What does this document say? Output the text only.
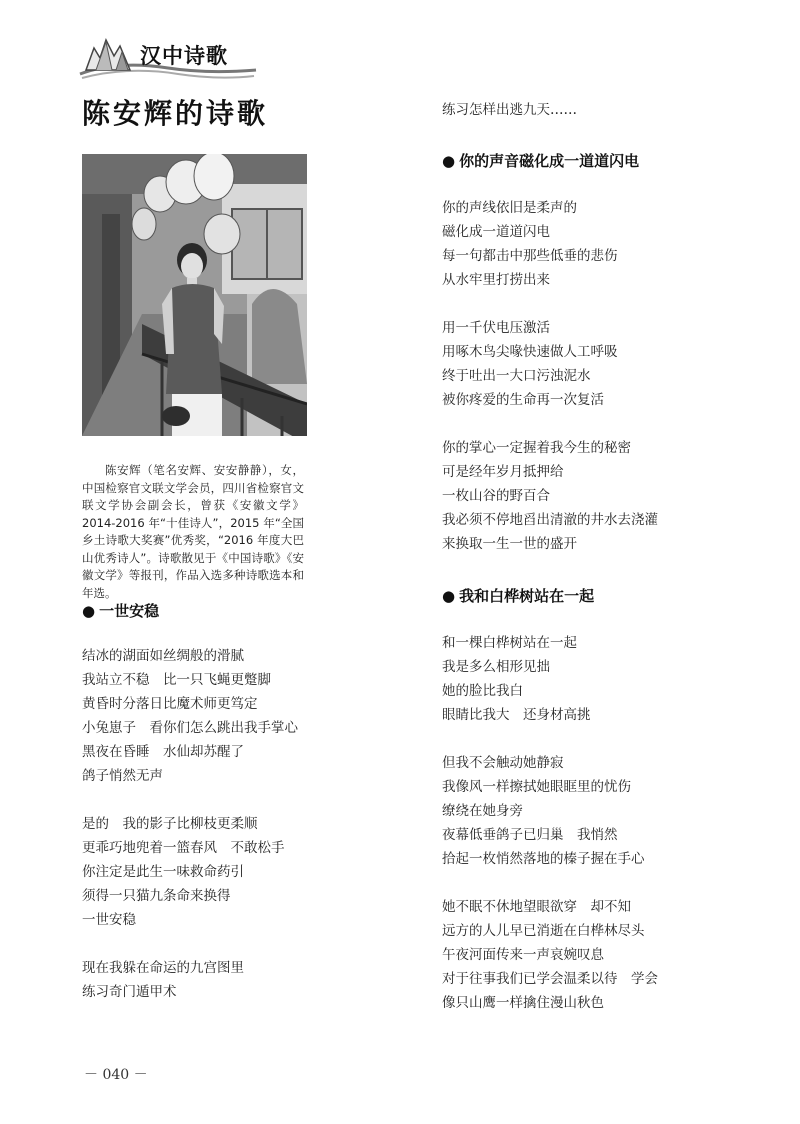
汉中诗歌
陈安辉的诗歌
陈安辉（笔名安辉、安安静静），女，中国检察官文联文学会员，四川省检察官文联文学协会副会长，曾获《安徽文学》2014-2016 年“十佳诗人”，2015 年“全国乡土诗歌大奖赛”优秀奖，“2016 年度大巴山优秀诗人”。诗歌散见于《中国诗歌》《安徽文学》等报刊，作品入选多种诗歌选本和年选。
● 一世安稳
结冰的湖面如丝绸般的滑腻
我站立不稳　比一只飞蝇更蹩脚
黄昏时分落日比魔术师更笃定
小兔崽子　看你们怎么跳出我手掌心
黑夜在昏睡　水仙却苏醒了
鸽子悄然无声
是的　我的影子比柳枝更柔顺
更乖巧地兜着一篮春风　不敢松手
你注定是此生一味救命药引
须得一只猫九条命来换得
一世安稳
现在我躲在命运的九宫图里
练习奇门遁甲术
练习怎样出逃九天……
● 你的声音磁化成一道道闪电
你的声线依旧是柔声的
磁化成一道道闪电
每一句都击中那些低垂的悲伤
从水牢里打捞出来
用一千伏电压激活
用啄木鸟尖喙快速做人工呼吸
终于吐出一大口污浊泥水
被你疼爱的生命再一次复活
你的掌心一定握着我今生的秘密
可是经年岁月抵押给
一枚山谷的野百合
我必须不停地舀出清澈的井水去浇灌
来换取一生一世的盛开
● 我和白桦树站在一起
和一棵白桦树站在一起
我是多么相形见拙
她的脸比我白
眼睛比我大　还身材高挑
但我不会触动她静寂
我像风一样擦拭她眼眶里的忧伤
缭绕在她身旁
夜幕低垂鸽子已归巢　我悄然
拾起一枚悄然落地的榛子握在手心
她不眠不休地望眼欲穿　却不知
远方的人儿早已消逝在白桦林尽头
午夜河面传来一声哀婉叹息
对于往事我们已学会温柔以待　学会
像只山鹰一样擒住漫山秋色
－ 040 －
